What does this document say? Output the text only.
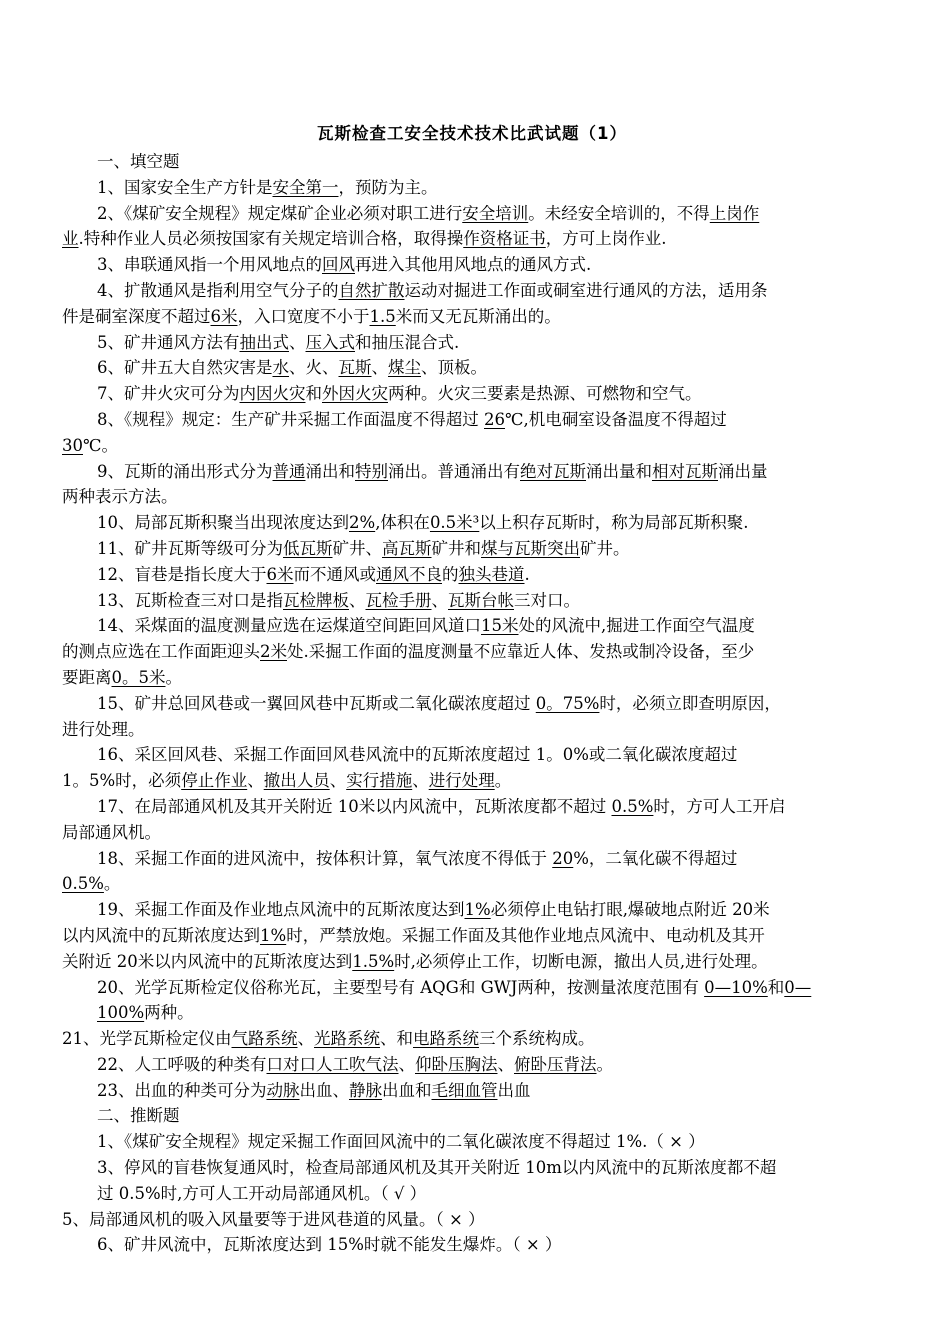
瓦斯检查工安全技术技术比武试题（1）
一、填空题
1、国家安全生产方针是安全第一，预防为主。
2、《煤矿安全规程》规定煤矿企业必须对职工进行安全培训。未经安全培训的，不得上岗作
业.特种作业人员必须按国家有关规定培训合格，取得操作资格证书，方可上岗作业.
3、串联通风指一个用风地点的回风再进入其他用风地点的通风方式.
4、扩散通风是指利用空气分子的自然扩散运动对掘进工作面或硐室进行通风的方法，适用条
件是硐室深度不超过6米，入口宽度不小于1.5米而又无瓦斯涌出的。
5、矿井通风方法有抽出式、压入式和抽压混合式.
6、矿井五大自然灾害是水、火、瓦斯、煤尘、顶板。
7、矿井火灾可分为内因火灾和外因火灾两种。火灾三要素是热源、可燃物和空气。
8、《规程》规定：生产矿井采掘工作面温度不得超过 26℃,机电硐室设备温度不得超过
30℃。
9、瓦斯的涌出形式分为普通涌出和特别涌出。普通涌出有绝对瓦斯涌出量和相对瓦斯涌出量
两种表示方法。
10、局部瓦斯积聚当出现浓度达到2%,体积在0.5米³以上积存瓦斯时，称为局部瓦斯积聚.
11、矿井瓦斯等级可分为低瓦斯矿井、高瓦斯矿井和煤与瓦斯突出矿井。
12、盲巷是指长度大于6米而不通风或通风不良的独头巷道.
13、瓦斯检查三对口是指瓦检牌板、瓦检手册、瓦斯台帐三对口。
14、采煤面的温度测量应选在运煤道空间距回风道口15米处的风流中,掘进工作面空气温度
的测点应选在工作面距迎头2米处.采掘工作面的温度测量不应靠近人体、发热或制冷设备，至少
要距离0。5米。
15、矿井总回风巷或一翼回风巷中瓦斯或二氧化碳浓度超过 0。75%时，必须立即查明原因，
进行处理。
16、采区回风巷、采掘工作面回风巷风流中的瓦斯浓度超过 1。0%或二氧化碳浓度超过
1。5%时，必须停止作业、撤出人员、实行措施、进行处理。
17、在局部通风机及其开关附近 10米以内风流中，瓦斯浓度都不超过 0.5%时，方可人工开启
局部通风机。
18、采掘工作面的进风流中，按体积计算，氧气浓度不得低于 20%，二氧化碳不得超过
0.5%。
19、采掘工作面及作业地点风流中的瓦斯浓度达到1%必须停止电钻打眼,爆破地点附近 20米
以内风流中的瓦斯浓度达到1%时，严禁放炮。采掘工作面及其他作业地点风流中、电动机及其开
关附近 20米以内风流中的瓦斯浓度达到1.5%时,必须停止工作，切断电源，撤出人员,进行处理。
20、光学瓦斯检定仪俗称光瓦，主要型号有 AQG和 GWJ两种，按测量浓度范围有 0—10%和0—
100%两种。
21、光学瓦斯检定仪由气路系统、光路系统、和电路系统三个系统构成。
22、人工呼吸的种类有口对口人工吹气法、仰卧压胸法、俯卧压背法。
23、出血的种类可分为动脉出血、静脉出血和毛细血管出血
二、推断题
1、《煤矿安全规程》规定采掘工作面回风流中的二氧化碳浓度不得超过 1%.（ × ）
3、停风的盲巷恢复通风时，检查局部通风机及其开关附近 10m以内风流中的瓦斯浓度都不超
过 0.5%时,方可人工开动局部通风机。（ √ ）
5、局部通风机的吸入风量要等于进风巷道的风量。（ × ）
6、矿井风流中，瓦斯浓度达到 15%时就不能发生爆炸。（ × ）
